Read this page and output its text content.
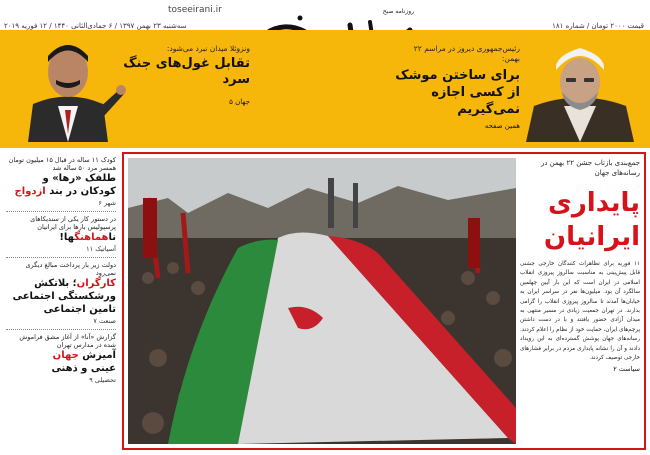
toseeirani.ir
سه‌شنبه ۲۳ بهمن ۱۳۹۷ / ۶ جمادی‌الثانی ۱۴۴۰ / ۱۲ فوریه ۲۰۱۹	قیمت ۲۰۰۰ تومان / شماره ۱۸۱
روزنامه صبح
ونزوئلا میدان نبرد می‌شود:
تقابل غول‌های جنگ سرد
جهان ۵
رئیس‌جمهوری دیروز در مراسم ۲۲ بهمن:
برای ساختن موشک از کسی اجازه نمی‌گیریم
همین صفحه
کودک ۱۱ ساله در قبال ۱۵ میلیون تومان همسر مرد ۵۰ ساله شد
طلفک «رها» و کودکان در بند ازدواج
شهر ۶
در دستور کار یکی از سندیکاهای پرسپولیس بارها برای ایرانیان
ناهماهنگها!
آسیاتیک ۱۱
دولت زیر بار پرداخت مبالغ دیگری نمی‌رود
کارگران؛ بلاتکش ورشکستگی اجتماعی تامین اجتماعی
صنعت ۷
گزارش «آنا» از آغاز مشق فراموش شده در مدارس تهران
آمیزش جهان
عینی و ذهنی
تحصیلی ۹
جمع‌بندی بازتاب جشن ۲۲ بهمن در رسانه‌های جهان
پایداری
ایرانیان
۱۱ فوریه برای تظاهرات کنندگان خارجی جشنی قابل پیش‌بینی به مناسبت سالروز پیروزی انقلاب اسلامی در ایران است که این بار آیین چهلمین سالگرد آن بود. میلیون‌ها نفر در سراسر ایران به خیابان‌ها آمدند تا سالروز پیروزی انقلاب را گرامی بدارند. در تهران جمعیت زیادی در مسیر منتهی به میدان آزادی حضور یافتند و با در دست داشتن پرچم‌های ایران، حمایت خود از نظام را اعلام کردند. رسانه‌های جهان پوشش گسترده‌ای به این رویداد دادند و آن را نشانه پایداری مردم در برابر فشارهای خارجی توصیف کردند.
سیاست ۲
